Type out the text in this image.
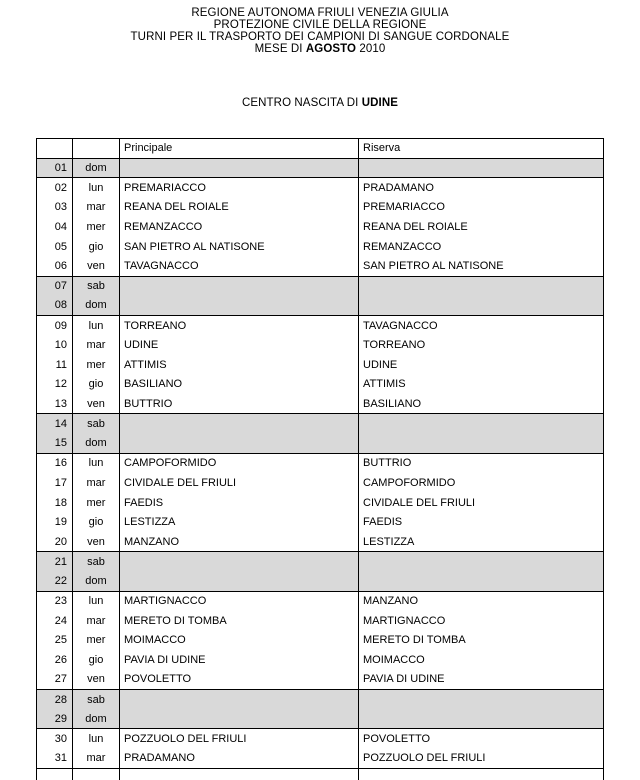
REGIONE AUTONOMA FRIULI VENEZIA GIULIA
PROTEZIONE CIVILE DELLA REGIONE
TURNI PER IL TRASPORTO DEI CAMPIONI DI SANGUE CORDONALE
MESE DI AGOSTO 2010
CENTRO NASCITA DI UDINE
		Principale	Riserva
01	dom		
02	lun	PREMARIACCO	PRADAMANO
03	mar	REANA DEL ROIALE	PREMARIACCO
04	mer	REMANZACCO	REANA DEL ROIALE
05	gio	SAN PIETRO AL NATISONE	REMANZACCO
06	ven	TAVAGNACCO	SAN PIETRO AL NATISONE
07	sab		
08	dom		
09	lun	TORREANO	TAVAGNACCO
10	mar	UDINE	TORREANO
11	mer	ATTIMIS	UDINE
12	gio	BASILIANO	ATTIMIS
13	ven	BUTTRIO	BASILIANO
14	sab		
15	dom		
16	lun	CAMPOFORMIDO	BUTTRIO
17	mar	CIVIDALE DEL FRIULI	CAMPOFORMIDO
18	mer	FAEDIS	CIVIDALE DEL FRIULI
19	gio	LESTIZZA	FAEDIS
20	ven	MANZANO	LESTIZZA
21	sab		
22	dom		
23	lun	MARTIGNACCO	MANZANO
24	mar	MERETO DI TOMBA	MARTIGNACCO
25	mer	MOIMACCO	MERETO DI TOMBA
26	gio	PAVIA DI UDINE	MOIMACCO
27	ven	POVOLETTO	PAVIA DI UDINE
28	sab		
29	dom		
30	lun	POZZUOLO DEL FRIULI	POVOLETTO
31	mar	PRADAMANO	POZZUOLO DEL FRIULI
